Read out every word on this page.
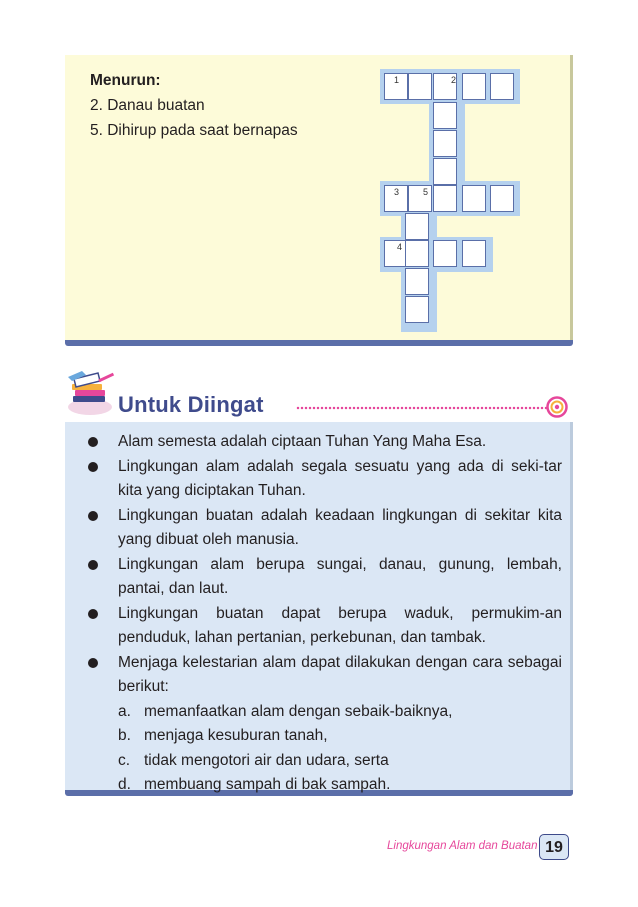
Menurun:
2. Danau buatan
5. Dihirup pada saat bernapas
1	2
3	5
4
Untuk Diingat
Alam semesta adalah ciptaan Tuhan Yang Maha Esa.
Lingkungan alam adalah segala sesuatu yang ada di seki-tar kita yang diciptakan Tuhan.
Lingkungan buatan adalah keadaan lingkungan di sekitar kita yang dibuat oleh manusia.
Lingkungan alam berupa sungai, danau, gunung, lembah, pantai, dan laut.
Lingkungan buatan dapat berupa waduk, permukim-an penduduk, lahan pertanian, perkebunan, dan tambak.
Menjaga kelestarian alam dapat dilakukan dengan cara sebagai berikut:
a. memanfaatkan alam dengan sebaik-baiknya,
b. menjaga kesuburan tanah,
c. tidak mengotori air dan udara, serta
d. membuang sampah di bak sampah.
Lingkungan Alam dan Buatan 19
